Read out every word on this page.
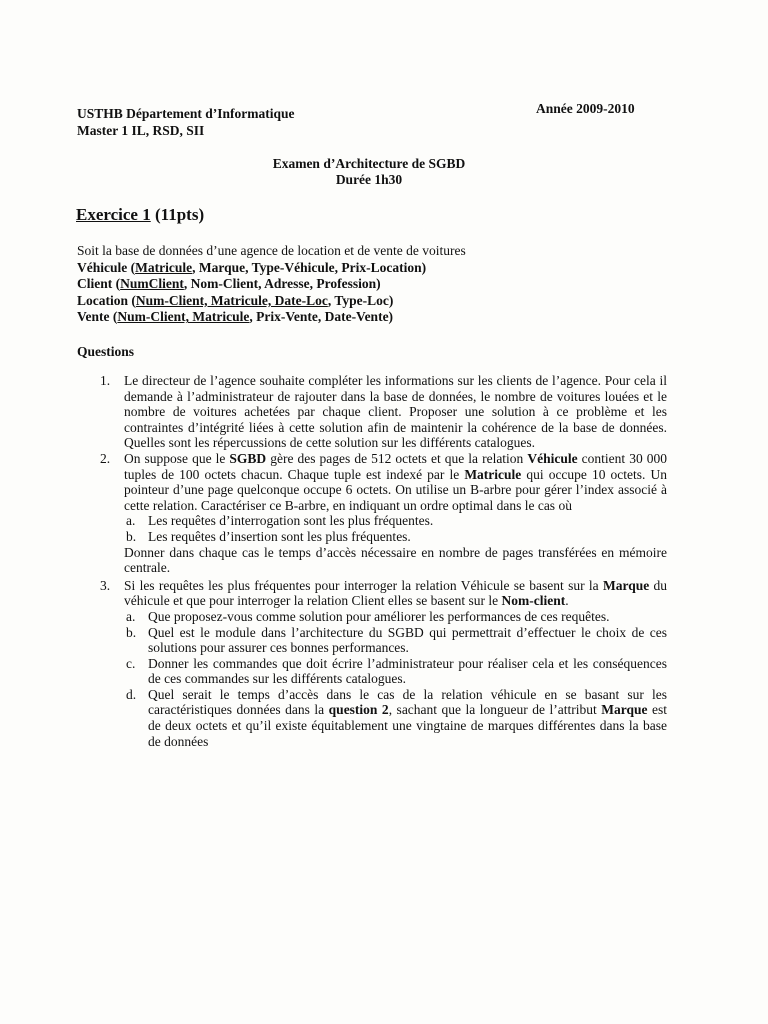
USTHB Département d’Informatique
Master 1 IL, RSD, SII
Année 2009-2010
Examen d’Architecture de SGBD
Durée 1h30
Exercice 1 (11pts)
Soit la base de données d’une agence de location et de vente de voitures
Véhicule (Matricule, Marque, Type-Véhicule, Prix-Location)
Client (NumClient, Nom-Client, Adresse, Profession)
Location (Num-Client, Matricule, Date-Loc, Type-Loc)
Vente (Num-Client, Matricule, Prix-Vente, Date-Vente)
Questions
1. Le directeur de l’agence souhaite compléter les informations sur les clients de l’agence. Pour cela il demande à l’administrateur de rajouter dans la base de données, le nombre de voitures louées et le nombre de voitures achetées par chaque client. Proposer une solution à ce problème et les contraintes d’intégrité liées à cette solution afin de maintenir la cohérence de la base de données. Quelles sont les répercussions de cette solution sur les différents catalogues.
2. On suppose que le SGBD gère des pages de 512 octets et que la relation Véhicule contient 30 000 tuples de 100 octets chacun. Chaque tuple est indexé par le Matricule qui occupe 10 octets. Un pointeur d’une page quelconque occupe 6 octets. On utilise un B-arbre pour gérer l’index associé à cette relation. Caractériser ce B-arbre, en indiquant un ordre optimal dans le cas où
a. Les requêtes d’interrogation sont les plus fréquentes.
b. Les requêtes d’insertion sont les plus fréquentes.
Donner dans chaque cas le temps d’accès nécessaire en nombre de pages transférées en mémoire centrale.
3. Si les requêtes les plus fréquentes pour interroger la relation Véhicule se basent sur la Marque du véhicule et que pour interroger la relation Client elles se basent sur le Nom-client.
a. Que proposez-vous comme solution pour améliorer les performances de ces requêtes.
b. Quel est le module dans l’architecture du SGBD qui permettrait d’effectuer le choix de ces solutions pour assurer ces bonnes performances.
c. Donner les commandes que doit écrire l’administrateur pour réaliser cela et les conséquences de ces commandes sur les différents catalogues.
d. Quel serait le temps d’accès dans le cas de la relation véhicule en se basant sur les caractéristiques données dans la question 2, sachant que la longueur de l’attribut Marque est de deux octets et qu’il existe équitablement une vingtaine de marques différentes dans la base de données
